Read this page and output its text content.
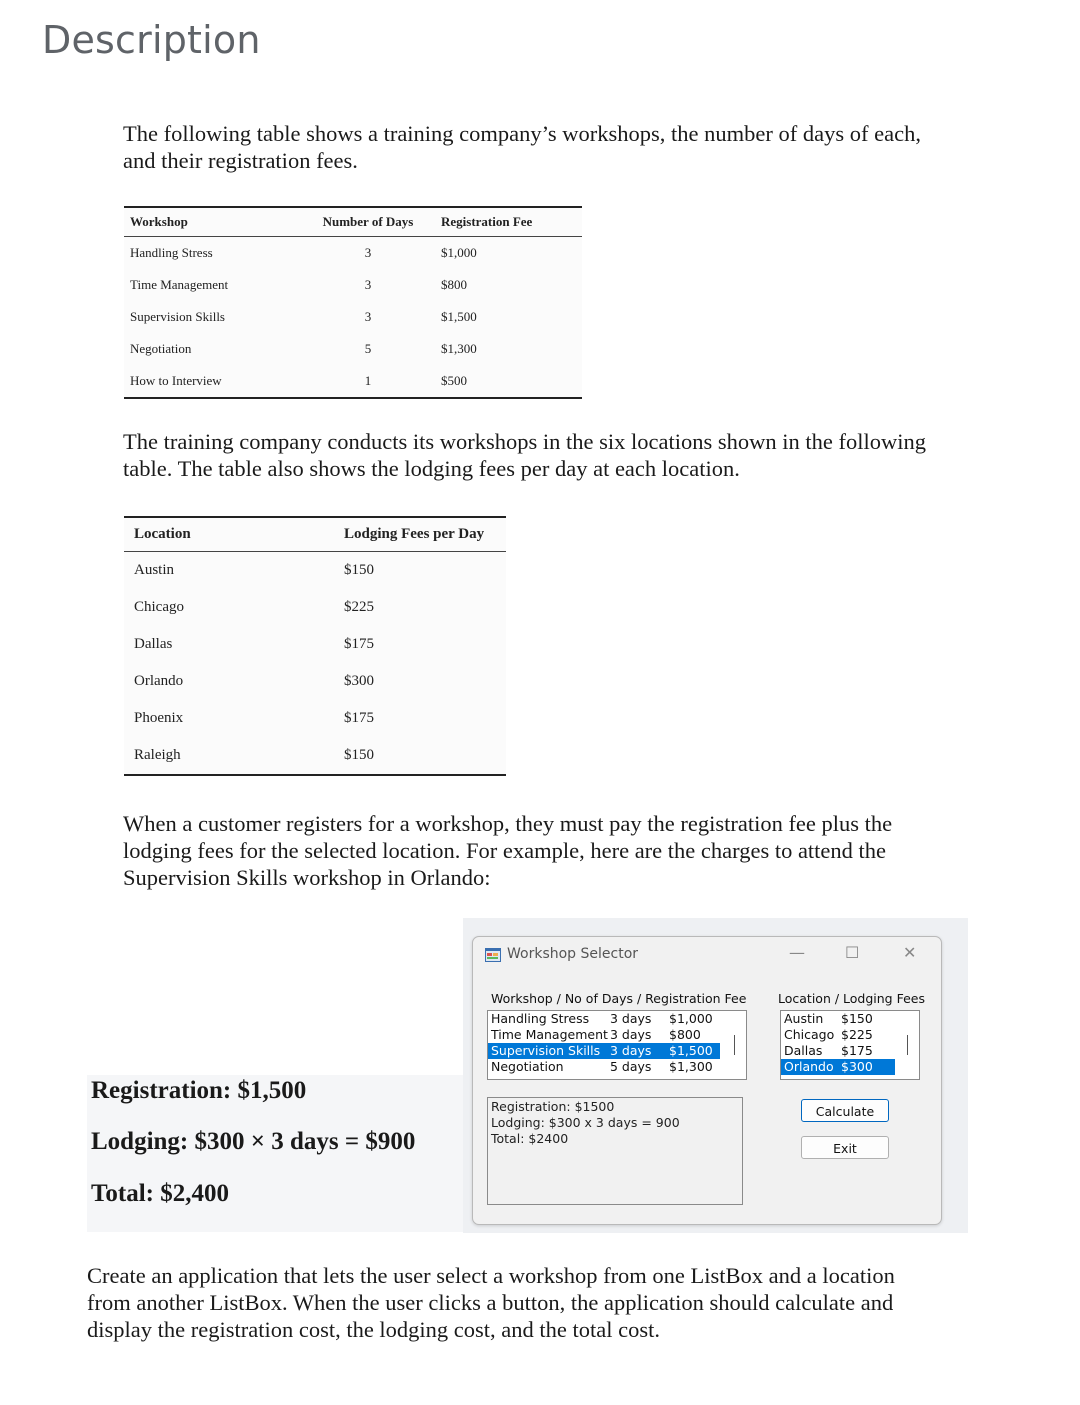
Description
The following table shows a training company’s workshops, the number of days of each,
and their registration fees.
Workshop	Number of Days	Registration Fee
Handling Stress	3	$1,000
Time Management	3	$800
Supervision Skills	3	$1,500
Negotiation	5	$1,300
How to Interview	1	$500
The training company conducts its workshops in the six locations shown in the following
table. The table also shows the lodging fees per day at each location.
Location	Lodging Fees per Day
Austin	$150
Chicago	$225
Dallas	$175
Orlando	$300
Phoenix	$175
Raleigh	$150
When a customer registers for a workshop, they must pay the registration fee plus the
lodging fees for the selected location. For example, here are the charges to attend the
Supervision Skills workshop in Orlando:
Registration: $1,500
Lodging: $300 × 3 days = $900
Total: $2,400
Workshop Selector	—	☐	✕
Workshop / No of Days / Registration Fee	Location / Lodging Fees
Handling Stress 3 days $1,000
Time Management 3 days $800
Supervision Skills 3 days $1,500
Negotiation	5 days $1,300
Austin $150
Chicago $225
Dallas $175
Orlando $300
Registration: $1500
Lodging: $300 x 3 days = 900
Total: $2400
Calculate
Exit
Create an application that lets the user select a workshop from one ListBox and a location
from another ListBox. When the user clicks a button, the application should calculate and
display the registration cost, the lodging cost, and the total cost.
